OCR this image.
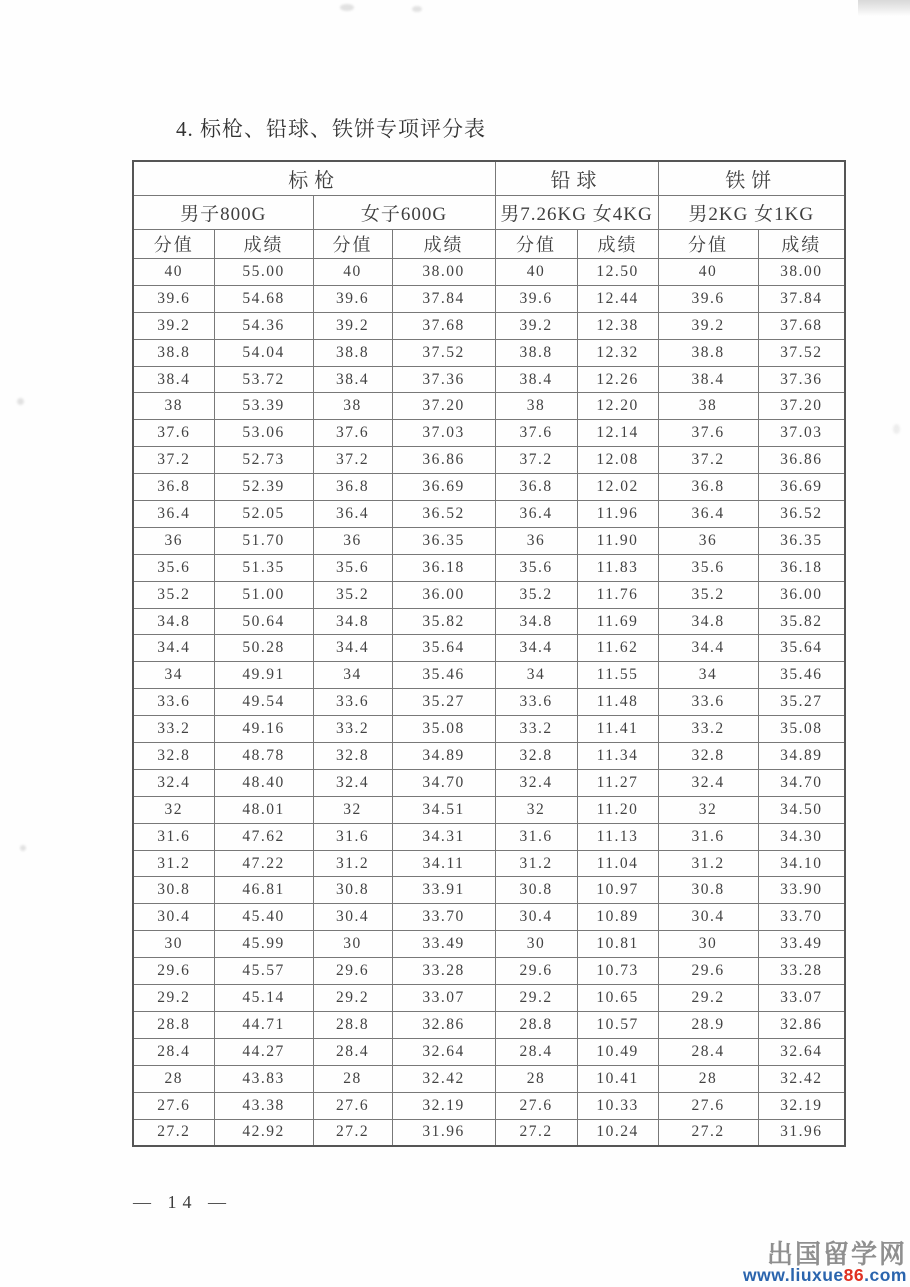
4. 标枪、铅球、铁饼专项评分表
标枪				铅球		铁饼	
男子800G		女子600G		男7.26KG 女4KG		男2KG 女1KG	
分值	成绩	分值	成绩	分值	成绩	分值	成绩
40	55.00	40	38.00	40	12.50	40	38.00
39.6	54.68	39.6	37.84	39.6	12.44	39.6	37.84
39.2	54.36	39.2	37.68	39.2	12.38	39.2	37.68
38.8	54.04	38.8	37.52	38.8	12.32	38.8	37.52
38.4	53.72	38.4	37.36	38.4	12.26	38.4	37.36
38	53.39	38	37.20	38	12.20	38	37.20
37.6	53.06	37.6	37.03	37.6	12.14	37.6	37.03
37.2	52.73	37.2	36.86	37.2	12.08	37.2	36.86
36.8	52.39	36.8	36.69	36.8	12.02	36.8	36.69
36.4	52.05	36.4	36.52	36.4	11.96	36.4	36.52
36	51.70	36	36.35	36	11.90	36	36.35
35.6	51.35	35.6	36.18	35.6	11.83	35.6	36.18
35.2	51.00	35.2	36.00	35.2	11.76	35.2	36.00
34.8	50.64	34.8	35.82	34.8	11.69	34.8	35.82
34.4	50.28	34.4	35.64	34.4	11.62	34.4	35.64
34	49.91	34	35.46	34	11.55	34	35.46
33.6	49.54	33.6	35.27	33.6	11.48	33.6	35.27
33.2	49.16	33.2	35.08	33.2	11.41	33.2	35.08
32.8	48.78	32.8	34.89	32.8	11.34	32.8	34.89
32.4	48.40	32.4	34.70	32.4	11.27	32.4	34.70
32	48.01	32	34.51	32	11.20	32	34.50
31.6	47.62	31.6	34.31	31.6	11.13	31.6	34.30
31.2	47.22	31.2	34.11	31.2	11.04	31.2	34.10
30.8	46.81	30.8	33.91	30.8	10.97	30.8	33.90
30.4	45.40	30.4	33.70	30.4	10.89	30.4	33.70
30	45.99	30	33.49	30	10.81	30	33.49
29.6	45.57	29.6	33.28	29.6	10.73	29.6	33.28
29.2	45.14	29.2	33.07	29.2	10.65	29.2	33.07
28.8	44.71	28.8	32.86	28.8	10.57	28.9	32.86
28.4	44.27	28.4	32.64	28.4	10.49	28.4	32.64
28	43.83	28	32.42	28	10.41	28	32.42
27.6	43.38	27.6	32.19	27.6	10.33	27.6	32.19
27.2	42.92	27.2	31.96	27.2	10.24	27.2	31.96
— 14 —
出国留学网
www.liuxue86.com
